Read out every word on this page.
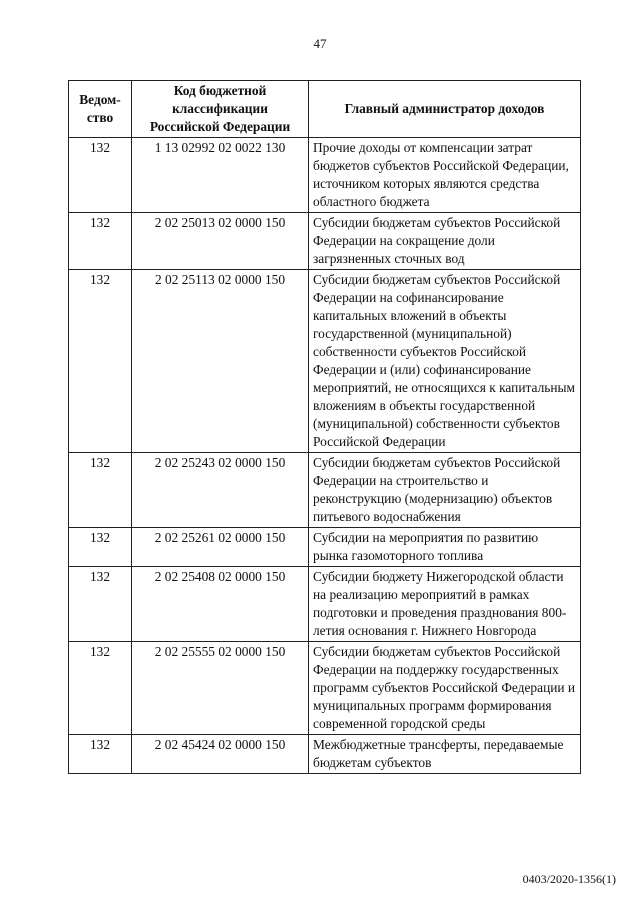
47
Ведом-
ство	Код бюджетной классификации Российской Федерации	Главный администратор доходов
132	1 13 02992 02 0022 130	Прочие доходы от компенсации затрат бюджетов субъектов Российской Федерации, источником которых являются средства областного бюджета
132	2 02 25013 02 0000 150	Субсидии бюджетам субъектов Российской Федерации на сокращение доли загрязненных сточных вод
132	2 02 25113 02 0000 150	Субсидии бюджетам субъектов Российской Федерации на софинансирование капитальных вложений в объекты государственной (муниципальной) собственности субъектов Российской Федерации и (или) софинансирование мероприятий, не относящихся к капитальным вложениям в объекты государственной (муниципальной) собственности субъектов Российской Федерации
132	2 02 25243 02 0000 150	Субсидии бюджетам субъектов Российской Федерации на строительство и реконструкцию (модернизацию) объектов питьевого водоснабжения
132	2 02 25261 02 0000 150	Субсидии на мероприятия по развитию рынка газомоторного топлива
132	2 02 25408 02 0000 150	Субсидии бюджету Нижегородской области на реализацию мероприятий в рамках подготовки и проведения празднования 800-летия основания г. Нижнего Новгорода
132	2 02 25555 02 0000 150	Субсидии бюджетам субъектов Российской Федерации на поддержку государственных программ субъектов Российской Федерации и муниципальных программ формирования современной городской среды
132	2 02 45424 02 0000 150	Межбюджетные трансферты, передаваемые бюджетам субъектов
0403/2020-1356(1)
